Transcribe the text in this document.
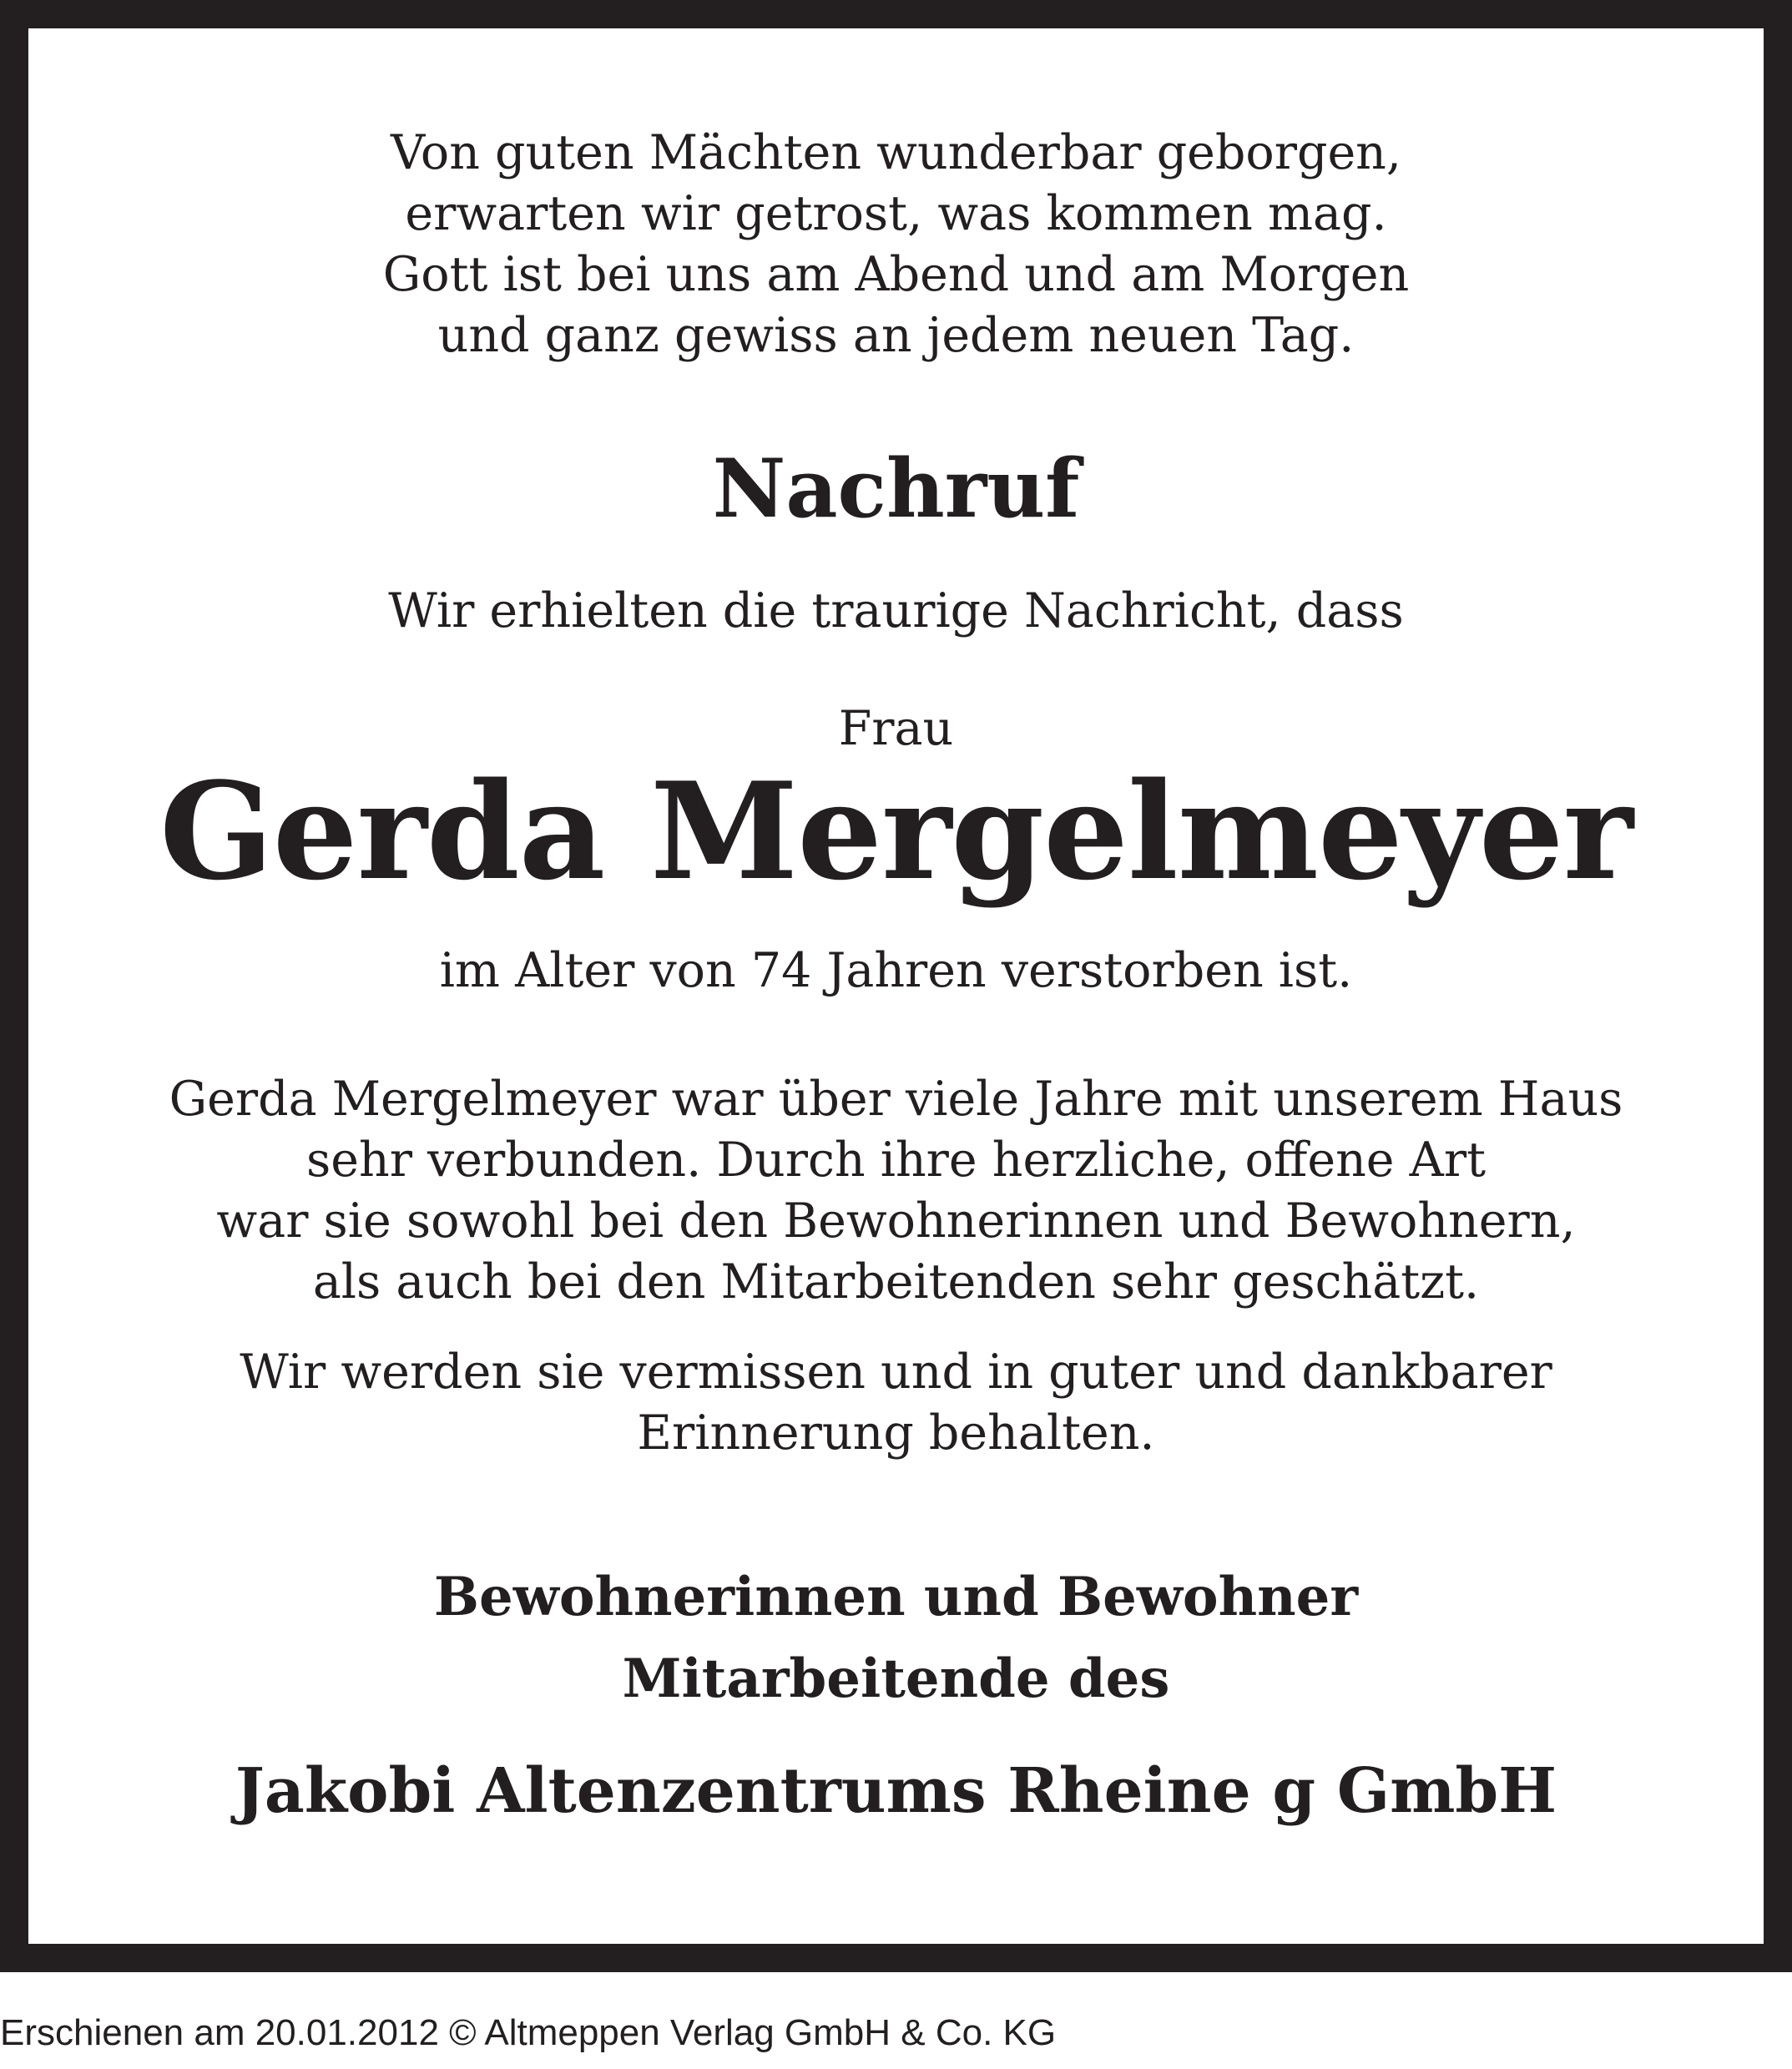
Von guten Mächten wunderbar geborgen,
erwarten wir getrost, was kommen mag.
Gott ist bei uns am Abend und am Morgen
und ganz gewiss an jedem neuen Tag.
Nachruf
Wir erhielten die traurige Nachricht, dass
Frau
Gerda Mergelmeyer
im Alter von 74 Jahren verstorben ist.
Gerda Mergelmeyer war über viele Jahre mit unserem Haus
sehr verbunden. Durch ihre herzliche, offene Art
war sie sowohl bei den Bewohnerinnen und Bewohnern,
als auch bei den Mitarbeitenden sehr geschätzt.
Wir werden sie vermissen und in guter und dankbarer
Erinnerung behalten.
Bewohnerinnen und Bewohner
Mitarbeitende des
Jakobi Altenzentrums Rheine g GmbH
Erschienen am 20.01.2012 © Altmeppen Verlag GmbH & Co. KG
